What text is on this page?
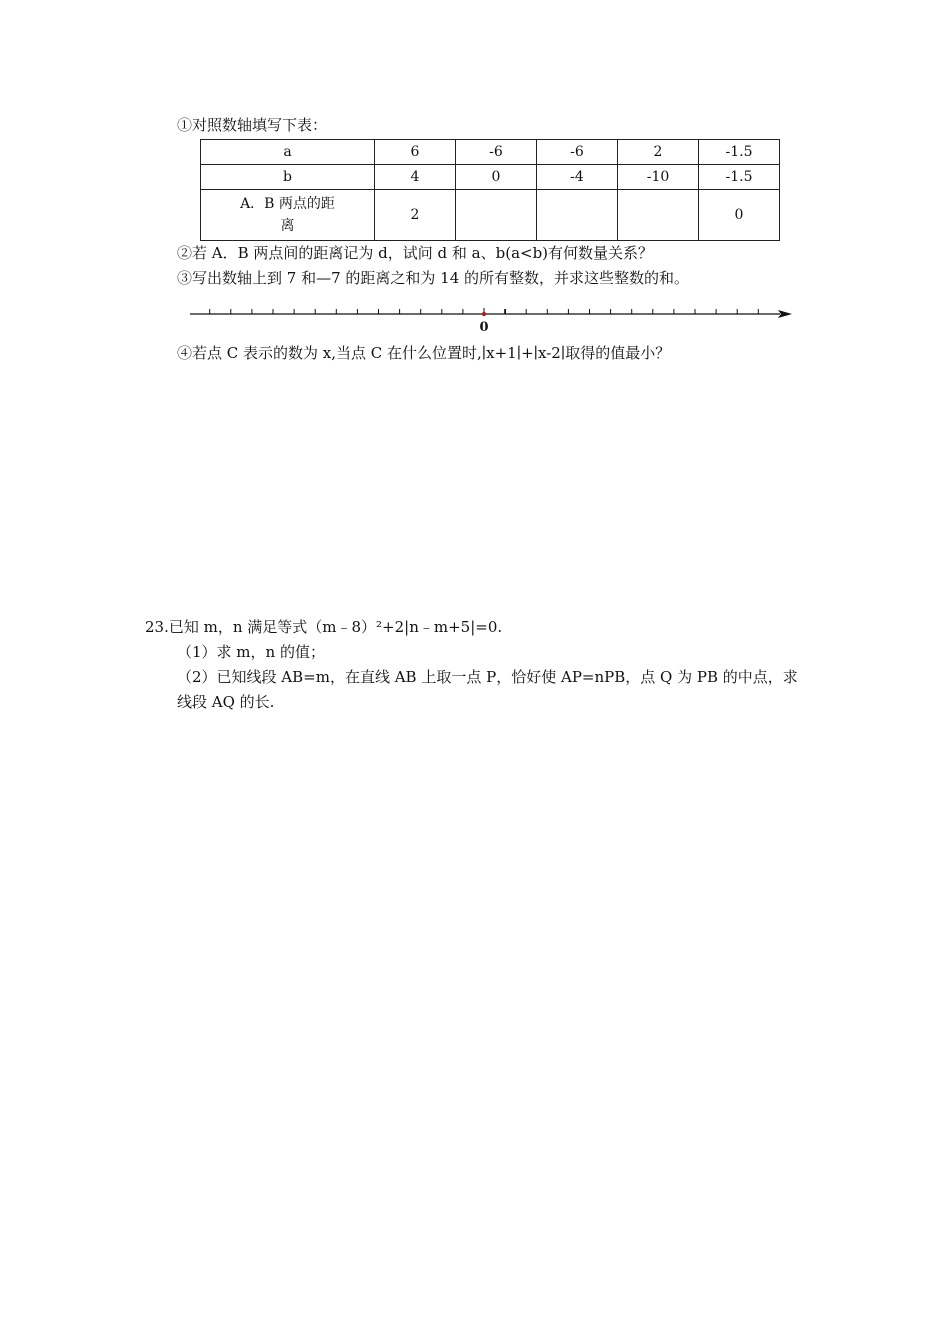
①对照数轴填写下表：
a	6	-6	-6	2	-1.5
b	4	0	-4	-10	-1.5

A．B 两点的距
离	2				0
②若 A．B 两点间的距离记为 d，试问 d 和 a、b(a<b)有何数量关系？
③写出数轴上到 7 和—7 的距离之和为 14 的所有整数，并求这些整数的和。
0
④若点 C 表示的数为 x,当点 C 在什么位置时,∣x+1∣+∣x-2∣取得的值最小？
23.已知 m，n 满足等式（m﹣8）²+2|n﹣m+5|=0.
（1）求 m，n 的值；
（2）已知线段 AB=m，在直线 AB 上取一点 P，恰好使 AP=nPB，点 Q 为 PB 的中点，求
线段 AQ 的长.
